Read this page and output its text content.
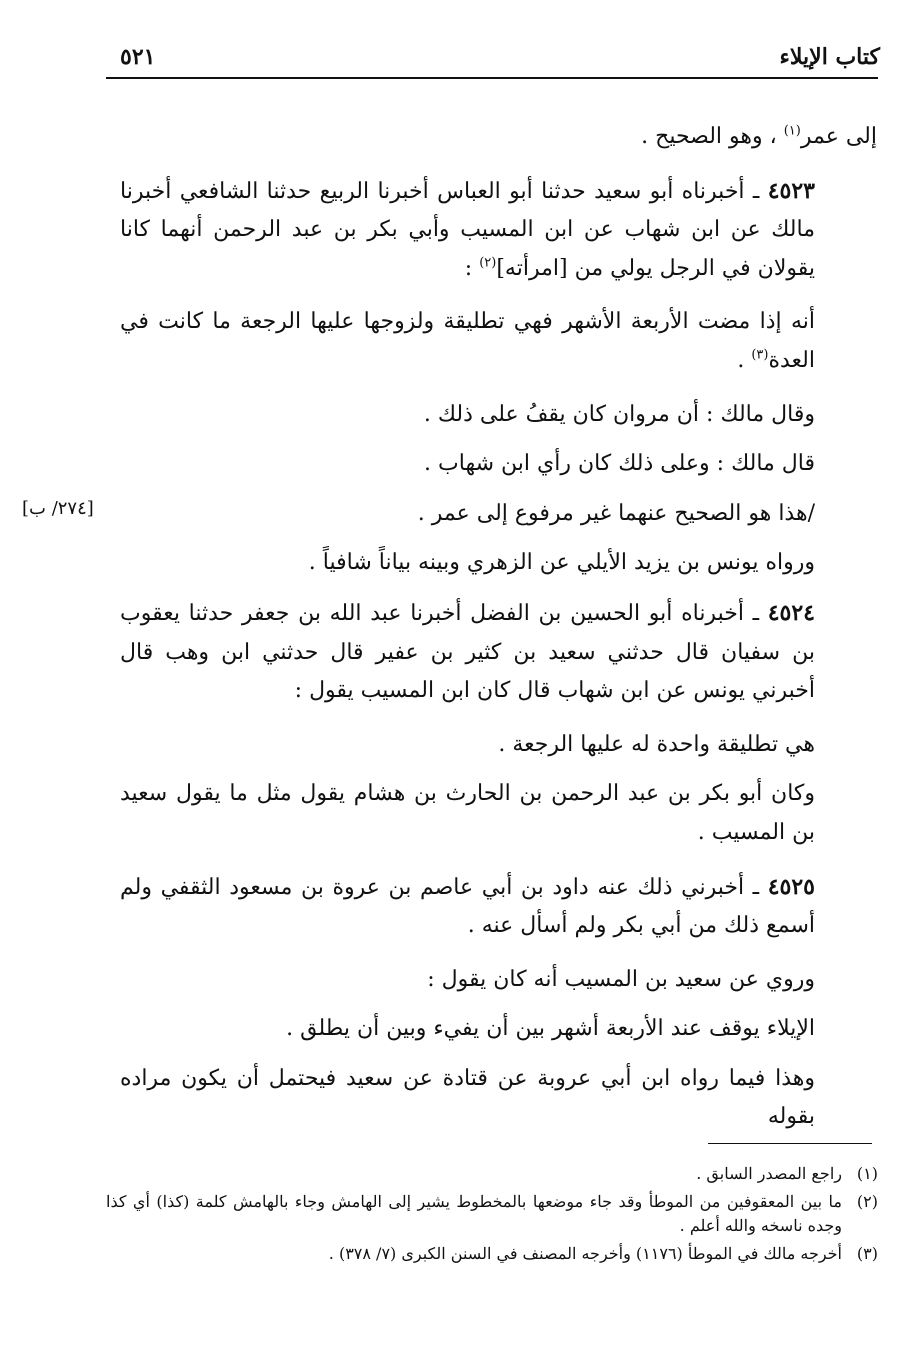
كتاب الإيلاء
٥٢١
[٢٧٤/ ب]

إلى عمر$^{(١)}$ ، وهو الصحيح .

٤٥٢٣ ـ أخبرناه أبو سعيد حدثنا أبو العباس أخبرنا الربيع حدثنا الشافعي أخبرنا مالك عن ابن شهاب عن ابن المسيب وأبي بكر بن عبد الرحمن أنهما كانا يقولان في الرجل يولي من [امرأته]$^{(٢)}$ :

أنه إذا مضت الأربعة الأشهر فهي تطليقة ولزوجها عليها الرجعة ما كانت في العدة$^{(٣)}$ .

وقال مالك : أن مروان كان يقفُ على ذلك .

قال مالك : وعلى ذلك كان رأي ابن شهاب .

/هذا هو الصحيح عنهما غير مرفوع إلى عمر .

ورواه يونس بن يزيد الأيلي عن الزهري وبينه بياناً شافياً .

٤٥٢٤ ـ أخبرناه أبو الحسين بن الفضل أخبرنا عبد الله بن جعفر حدثنا يعقوب بن سفيان قال حدثني سعيد بن كثير بن عفير قال حدثني ابن وهب قال أخبرني يونس عن ابن شهاب قال كان ابن المسيب يقول :

هي تطليقة واحدة له عليها الرجعة .

وكان أبو بكر بن عبد الرحمن بن الحارث بن هشام يقول مثل ما يقول سعيد بن المسيب .

٤٥٢٥ ـ أخبرني ذلك عنه داود بن أبي عاصم بن عروة بن مسعود الثقفي ولم أسمع ذلك من أبي بكر ولم أسأل عنه .

وروي عن سعيد بن المسيب أنه كان يقول :

الإيلاء يوقف عند الأربعة أشهر بين أن يفيء وبين أن يطلق .

وهذا فيما رواه ابن أبي عروبة عن قتادة عن سعيد فيحتمل أن يكون مراده بقوله

(١)
راجع المصدر السابق .

(٢)
ما بين المعقوفين من الموطأ وقد جاء موضعها بالمخطوط يشير إلى الهامش وجاء بالهامش كلمة (كذا) أي كذا وجده ناسخه والله أعلم .

(٣)
أخرجه مالك في الموطأ (١١٧٦) وأخرجه المصنف في السنن الكبرى (٧/ ٣٧٨) .
